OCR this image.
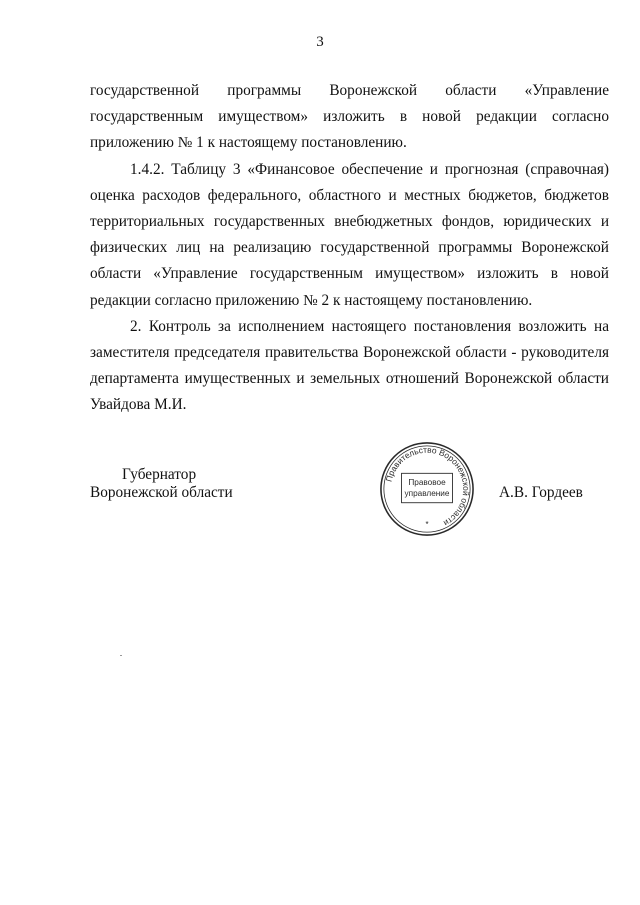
3

государственной программы Воронежской области «Управление государственным имуществом» изложить в новой редакции согласно приложению № 1 к настоящему постановлению.

1.4.2. Таблицу 3 «Финансовое обеспечение и прогнозная (справочная) оценка расходов федерального, областного и местных бюджетов, бюджетов территориальных государственных внебюджетных фондов, юридических и физических лиц на реализацию государственной программы Воронежской области «Управление государственным имуществом» изложить в новой редакции согласно приложению № 2 к настоящему постановлению.

2. Контроль за исполнением настоящего постановления возложить на заместителя председателя правительства Воронежской области - руководителя департамента имущественных и земельных отношений Воронежской области Увайдова М.И.

Губернатор
Воронежской области
Правительство Воронежской области
Правовое
управление
*
А.В. Гордеев
